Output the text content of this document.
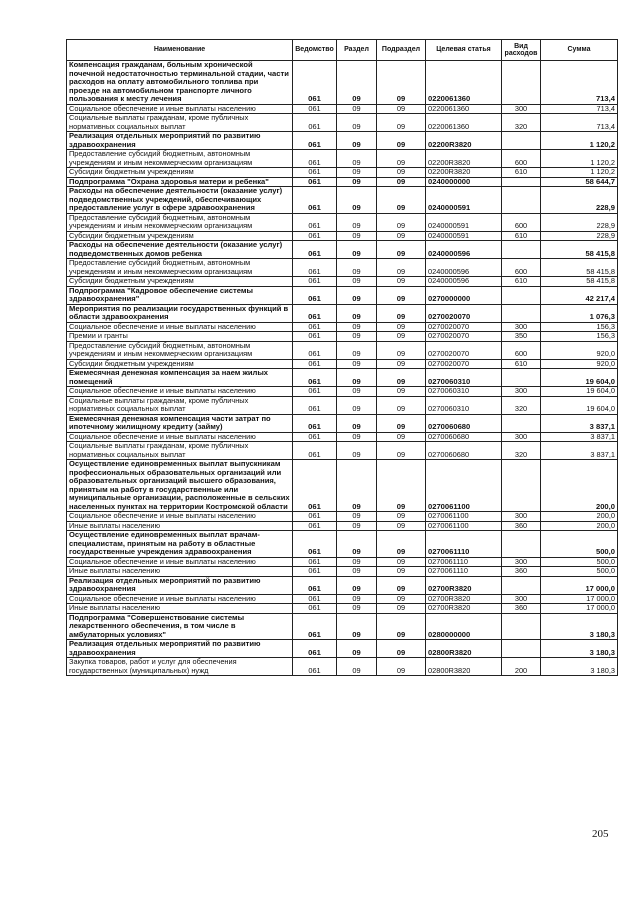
Наименование	Ведомство	Раздел	Подраздел	Целевая статья	Вид расходов	Сумма
Компенсация гражданам, больным хронической почечной недостаточностью терминальной стадии, части расходов на оплату автомобильного топлива при проезде на автомобильном транспорте личного пользования к месту лечения	061	09	09	0220061360		713,4
Социальное обеспечение и иные выплаты населению	061	09	09	0220061360	300	713,4
Социальные выплаты гражданам, кроме публичных нормативных социальных выплат	061	09	09	0220061360	320	713,4
Реализация отдельных мероприятий по развитию здравоохранения	061	09	09	02200R3820		1 120,2
Предоставление субсидий бюджетным, автономным учреждениям и иным некоммерческим организациям	061	09	09	02200R3820	600	1 120,2
Субсидии бюджетным учреждениям	061	09	09	02200R3820	610	1 120,2
Подпрограмма "Охрана здоровья матери и ребенка"	061	09	09	0240000000		58 644,7
Расходы на обеспечение деятельности (оказание услуг) подведомственных учреждений, обеспечивающих предоставление услуг в сфере здравоохранения	061	09	09	0240000591		228,9
Предоставление субсидий бюджетным, автономным учреждениям и иным некоммерческим организациям	061	09	09	0240000591	600	228,9
Субсидии бюджетным учреждениям	061	09	09	0240000591	610	228,9
Расходы на обеспечение деятельности (оказание услуг) подведомственных домов ребенка	061	09	09	0240000596		58 415,8
Предоставление субсидий бюджетным, автономным учреждениям и иным некоммерческим организациям	061	09	09	0240000596	600	58 415,8
Субсидии бюджетным учреждениям	061	09	09	0240000596	610	58 415,8
Подпрограмма "Кадровое обеспечение системы здравоохранения"	061	09	09	0270000000		42 217,4
Мероприятия по реализации государственных функций в области здравоохранения	061	09	09	0270020070		1 076,3
Социальное обеспечение и иные выплаты населению	061	09	09	0270020070	300	156,3
Премии и гранты	061	09	09	0270020070	350	156,3
Предоставление субсидий бюджетным, автономным учреждениям и иным некоммерческим организациям	061	09	09	0270020070	600	920,0
Субсидии бюджетным учреждениям	061	09	09	0270020070	610	920,0
Ежемесячная денежная компенсация за наем жилых помещений	061	09	09	0270060310		19 604,0
Социальное обеспечение и иные выплаты населению	061	09	09	0270060310	300	19 604,0
Социальные выплаты гражданам, кроме публичных нормативных социальных выплат	061	09	09	0270060310	320	19 604,0
Ежемесячная денежная компенсация части затрат по ипотечному жилищному кредиту (займу)	061	09	09	0270060680		3 837,1
Социальное обеспечение и иные выплаты населению	061	09	09	0270060680	300	3 837,1
Социальные выплаты гражданам, кроме публичных нормативных социальных выплат	061	09	09	0270060680	320	3 837,1
Осуществление единовременных выплат выпускникам профессиональных образовательных организаций или образовательных организаций высшего образования, принятым на работу в государственные или муниципальные организации, расположенные в сельских населенных пунктах на территории Костромской области	061	09	09	0270061100		200,0
Социальное обеспечение и иные выплаты населению	061	09	09	0270061100	300	200,0
Иные выплаты населению	061	09	09	0270061100	360	200,0
Осуществление единовременных выплат врачам-специалистам, принятым на работу в областные государственные учреждения здравоохранения	061	09	09	0270061110		500,0
Социальное обеспечение и иные выплаты населению	061	09	09	0270061110	300	500,0
Иные выплаты населению	061	09	09	0270061110	360	500,0
Реализация отдельных мероприятий по развитию здравоохранения	061	09	09	02700R3820		17 000,0
Социальное обеспечение и иные выплаты населению	061	09	09	02700R3820	300	17 000,0
Иные выплаты населению	061	09	09	02700R3820	360	17 000,0
Подпрограмма "Совершенствование системы лекарственного обеспечения, в том числе в амбулаторных условиях"	061	09	09	0280000000		3 180,3
Реализация отдельных мероприятий по развитию здравоохранения	061	09	09	02800R3820		3 180,3
Закупка товаров, работ и услуг для обеспечения государственных (муниципальных) нужд	061	09	09	02800R3820	200	3 180,3
205
